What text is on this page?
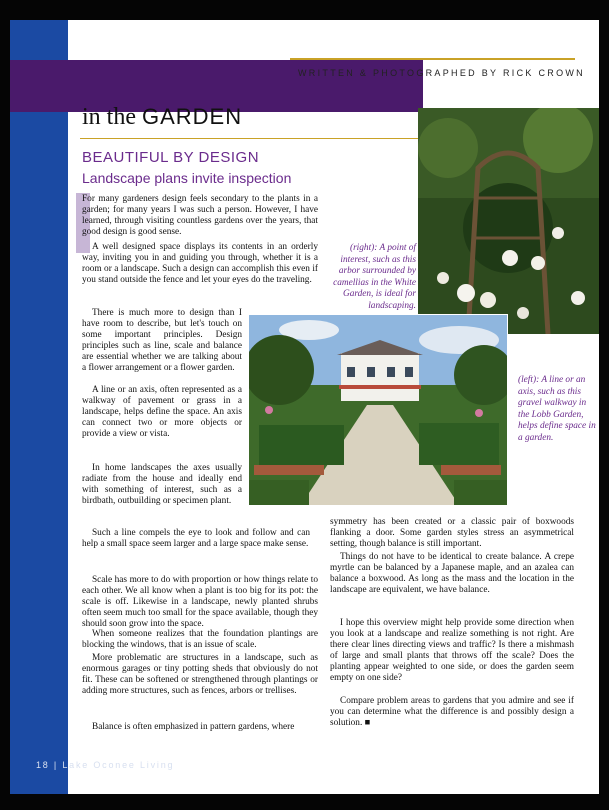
WRITTEN & PHOTOGRAPHED BY RICK CROWN
in the GARDEN
BEAUTIFUL BY DESIGN
Landscape plans invite inspection

(right): A point of interest, such as this arbor surrounded by camellias in the White Garden, is ideal for landscaping.

(left): A line or an axis, such as this gravel walkway in the Lobb Garden, helps define space in a garden.

For many gardeners design feels secondary to the plants in a garden; for many years I was such a person. However, I have learned, through visiting countless gardens over the years, that good design is good sense.

A well designed space displays its contents in an orderly way, inviting you in and guiding you through, whether it is a room or a landscape. Such a design can accomplish this even if you stand outside the fence and let your eyes do the traveling.

There is much more to design than I have room to describe, but let's touch on some important principles. Design principles such as line, scale and balance are essential whether we are talking about a flower arrangement or a flower garden.

A line or an axis, often represented as a walkway of pavement or grass in a landscape, helps define the space. An axis can connect two or more objects or provide a view or vista.

In home landscapes the axes usually radiate from the house and ideally end with something of interest, such as a birdbath, outbuilding or specimen plant.

Such a line compels the eye to look and follow and can help a small space seem larger and a large space make sense.

Scale has more to do with proportion or how things relate to each other. We all know when a plant is too big for its pot: the scale is off. Likewise in a landscape, newly planted shrubs often seem much too small for the space available, though they should soon grow into the space.

When someone realizes that the foundation plantings are blocking the windows, that is an issue of scale.

More problematic are structures in a landscape, such as enormous garages or tiny potting sheds that obviously do not fit. These can be softened or strengthened through plantings or adding more structures, such as fences, arbors or trellises.

Balance is often emphasized in pattern gardens, where

symmetry has been created or a classic pair of boxwoods flanking a door. Some garden styles stress an asymmetrical setting, though balance is still important.

Things do not have to be identical to create balance. A crepe myrtle can be balanced by a Japanese maple, and an azalea can balance a boxwood. As long as the mass and the location in the landscape are equivalent, we have balance.

I hope this overview might help provide some direction when you look at a landscape and realize something is not right. Are there clear lines directing views and traffic? Is there a mishmash of large and small plants that throws off the scale? Does the planting appear weighted to one side, or does the garden seem empty on one side?

Compare problem areas to gardens that you admire and see if you can determine what the difference is and possibly design a solution. ■

18 | Lake Oconee Living
